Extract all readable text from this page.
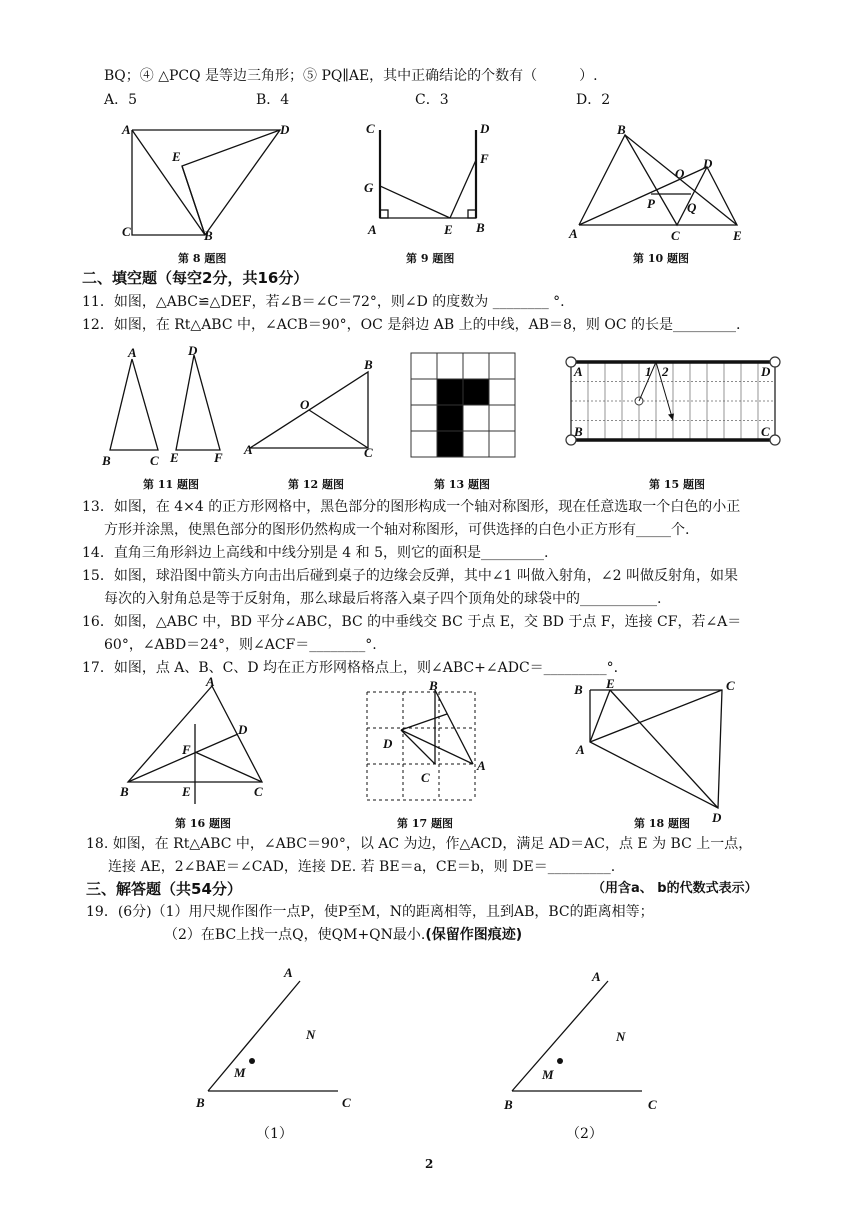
BQ；④ △PCQ 是等边三角形；⑤ PQ∥AE，其中正确结论的个数有（　　　）.
A．5	B．4	C．3	D．2
A	D
E
C	B
第 8 题图
C	D
F
G
A	E B
第 9 题图
B
D
O
P Q
A	C	E
第 10 题图
二、填空题（每空2分，共16分）
11．如图，△ABC≌△DEF，若∠B＝∠C＝72°，则∠D 的度数为 ________ °.
12．如图，在 Rt△ABC 中，∠ACB＝90°，OC 是斜边 AB 上的中线，AB＝8，则 OC 的长是_________.
A	D
B	C E	F
第 11 题图
B
O
A	C
第 12 题图	第 13 题图
A	D
B	C
1 2
第 15 题图
13．如图，在 4×4 的正方形网格中，黑色部分的图形构成一个轴对称图形，现在任意选取一个白色的小正
方形并涂黑，使黑色部分的图形仍然构成一个轴对称图形，可供选择的白色小正方形有_____个.
14．直角三角形斜边上高线和中线分别是 4 和 5，则它的面积是_________.
15．如图，球沿图中箭头方向击出后碰到桌子的边缘会反弹，其中∠1 叫做入射角，∠2 叫做反射角，如果
每次的入射角总是等于反射角，那么球最后将落入桌子四个顶角处的球袋中的___________.
16．如图，△ABC 中，BD 平分∠ABC，BC 的中垂线交 BC 于点 E，交 BD 于点 F，连接 CF，若∠A＝
60°，∠ABD＝24°，则∠ACF＝________°.
17．如图，点 A、B、C、D 均在正方形网格格点上，则∠ABC+∠ADC＝_________°.
A
D
F
B	E	C
第 16 题图
B
D
C
A
第 17 题图
B E	C
A
D
第 18 题图
18. 如图，在 Rt△ABC 中，∠ABC＝90°，以 AC 为边，作△ACD，满足 AD＝AC，点 E 为 BC 上一点，
连接 AE，2∠BAE＝∠CAD，连接 DE. 若 BE＝a，CE＝b，则 DE＝_________.
三、解答题（共54分）	（用含a、 b的代数式表示）
19．(6分)（1）用尺规作图作一点P，使P至M，N的距离相等，且到AB，BC的距离相等；
（2）在BC上找一点Q，使QM+QN最小.(保留作图痕迹)
A
N
M
B	C
A
N
M
B	C
（1）	（2）
2
